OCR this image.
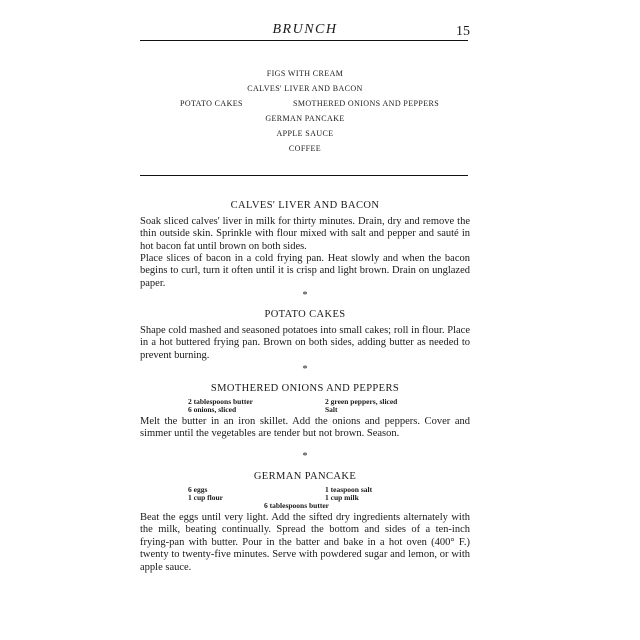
BRUNCH	15
FIGS WITH CREAM
CALVES' LIVER AND BACON
POTATO CAKES	SMOTHERED ONIONS AND PEPPERS
GERMAN PANCAKE
APPLE SAUCE
COFFEE
CALVES' LIVER AND BACON

Soak sliced calves' liver in milk for thirty minutes. Drain, dry and remove the thin outside skin. Sprinkle with flour mixed with salt and pepper and sauté in hot bacon fat until brown on both sides.

Place slices of bacon in a cold frying pan. Heat slowly and when the bacon begins to curl, turn it often until it is crisp and light brown. Drain on unglazed paper.

*
POTATO CAKES

Shape cold mashed and seasoned potatoes into small cakes; roll in flour. Place in a hot buttered frying pan. Brown on both sides, adding butter as needed to prevent burning.

*
SMOTHERED ONIONS AND PEPPERS
2 tablespoons butter
6 onions, sliced
2 green peppers, sliced
Salt

Melt the butter in an iron skillet. Add the onions and peppers. Cover and simmer until the vegetables are tender but not brown. Season.

*
GERMAN PANCAKE
6 eggs
1 cup flour
1 teaspoon salt
1 cup milk
6 tablespoons butter

Beat the eggs until very light. Add the sifted dry ingredients alternately with the milk, beating continually. Spread the bottom and sides of a ten-inch frying-pan with butter. Pour in the batter and bake in a hot oven (400° F.) twenty to twenty-five minutes. Serve with powdered sugar and lemon, or with apple sauce.
